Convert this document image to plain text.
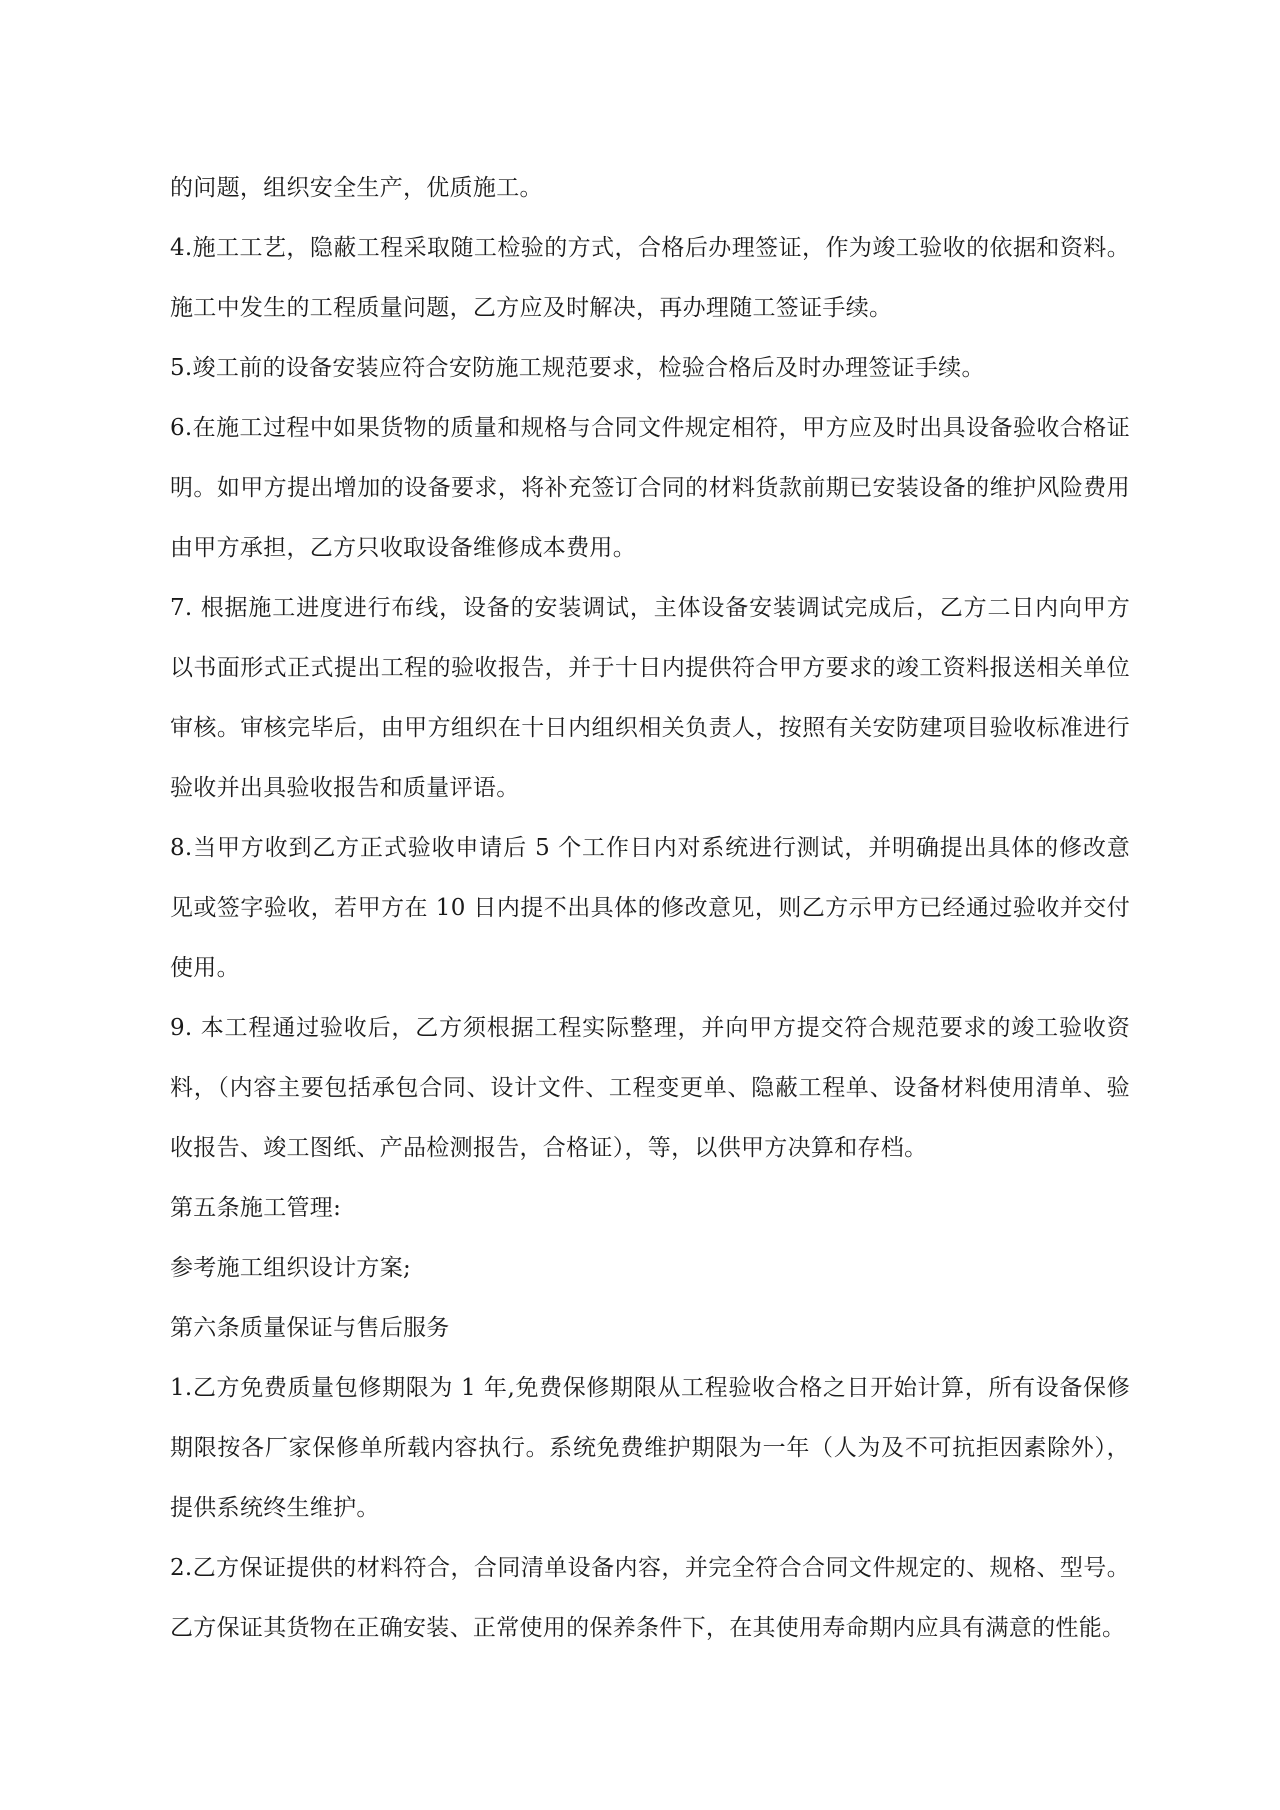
的问题，组织安全生产，优质施工。

4.施工工艺，隐蔽工程采取随工检验的方式，合格后办理签证，作为竣工验收的依据和资料。施工中发生的工程质量问题，乙方应及时解决，再办理随工签证手续。

5.竣工前的设备安装应符合安防施工规范要求，检验合格后及时办理签证手续。

6.在施工过程中如果货物的质量和规格与合同文件规定相符，甲方应及时出具设备验收合格证明。如甲方提出增加的设备要求，将补充签订合同的材料货款前期已安装设备的维护风险费用由甲方承担，乙方只收取设备维修成本费用。

7. 根据施工进度进行布线，设备的安装调试，主体设备安装调试完成后，乙方二日内向甲方以书面形式正式提出工程的验收报告，并于十日内提供符合甲方要求的竣工资料报送相关单位审核。审核完毕后，由甲方组织在十日内组织相关负责人，按照有关安防建项目验收标准进行验收并出具验收报告和质量评语。

8.当甲方收到乙方正式验收申请后 5 个工作日内对系统进行测试，并明确提出具体的修改意见或签字验收，若甲方在 10 日内提不出具体的修改意见，则乙方示甲方已经通过验收并交付使用。

9. 本工程通过验收后，乙方须根据工程实际整理，并向甲方提交符合规范要求的竣工验收资料，（内容主要包括承包合同、设计文件、工程变更单、隐蔽工程单、设备材料使用清单、验收报告、竣工图纸、产品检测报告，合格证），等，以供甲方决算和存档。

第五条施工管理:

参考施工组织设计方案;

第六条质量保证与售后服务

1.乙方免费质量包修期限为 1 年,免费保修期限从工程验收合格之日开始计算，所有设备保修期限按各厂家保修单所载内容执行。系统免费维护期限为一年（人为及不可抗拒因素除外），提供系统终生维护。

2.乙方保证提供的材料符合，合同清单设备内容，并完全符合合同文件规定的、规格、型号。乙方保证其货物在正确安装、正常使用的保养条件下，在其使用寿命期内应具有满意的性能。
